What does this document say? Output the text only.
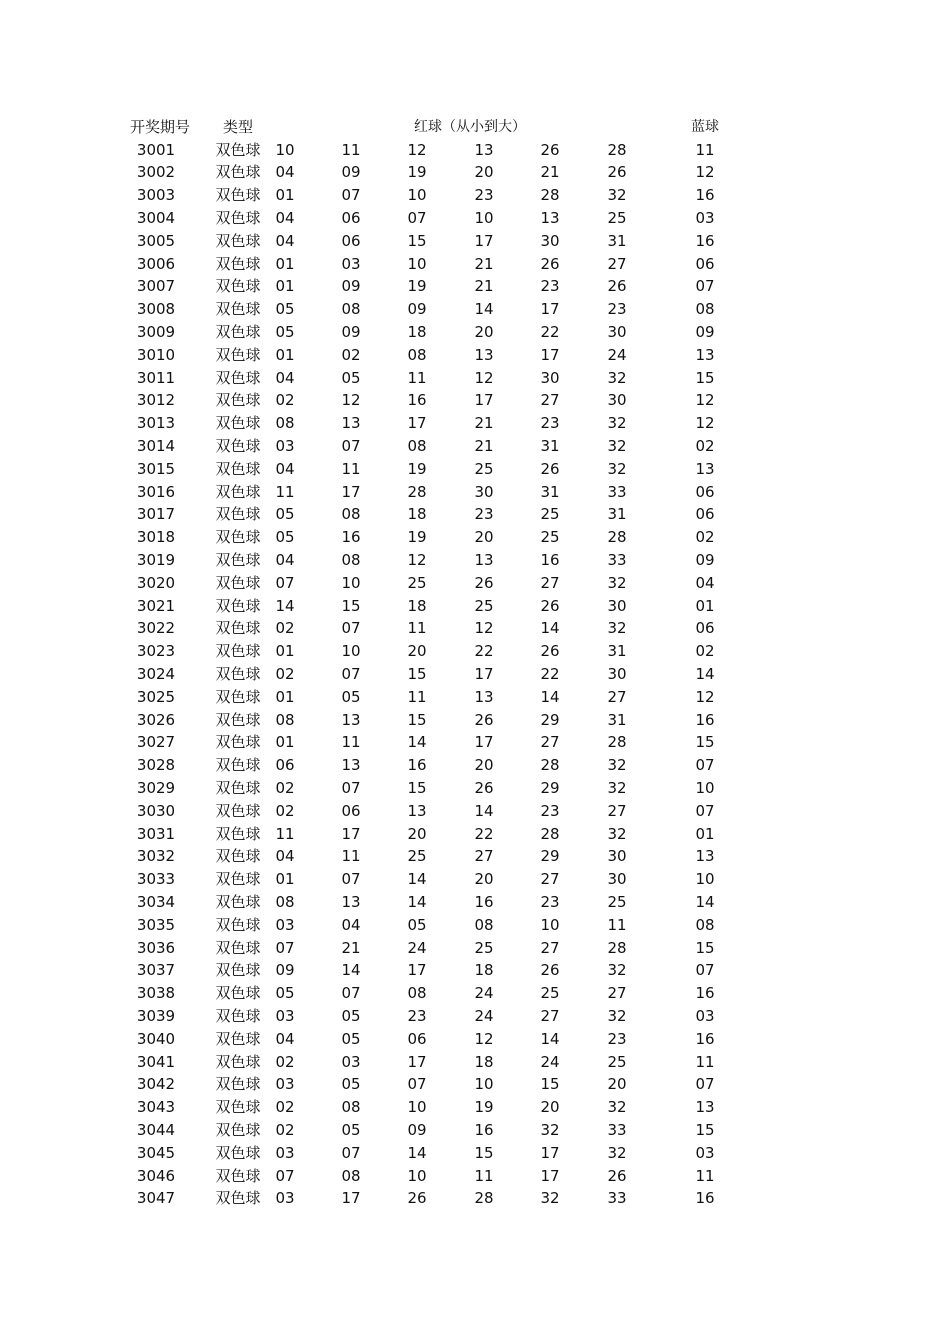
开奖期号	类型	红球（从小到大）	蓝球
3001	双色球 10	11	12	13	26	28	11
3002	双色球 04	09	19	20	21	26	12
3003	双色球 01	07	10	23	28	32	16
3004	双色球 04	06	07	10	13	25	03
3005	双色球 04	06	15	17	30	31	16
3006	双色球 01	03	10	21	26	27	06
3007	双色球 01	09	19	21	23	26	07
3008	双色球 05	08	09	14	17	23	08
3009	双色球 05	09	18	20	22	30	09
3010	双色球 01	02	08	13	17	24	13
3011	双色球 04	05	11	12	30	32	15
3012	双色球 02	12	16	17	27	30	12
3013	双色球 08	13	17	21	23	32	12
3014	双色球 03	07	08	21	31	32	02
3015	双色球 04	11	19	25	26	32	13
3016	双色球 11	17	28	30	31	33	06
3017	双色球 05	08	18	23	25	31	06
3018	双色球 05	16	19	20	25	28	02
3019	双色球 04	08	12	13	16	33	09
3020	双色球 07	10	25	26	27	32	04
3021	双色球 14	15	18	25	26	30	01
3022	双色球 02	07	11	12	14	32	06
3023	双色球 01	10	20	22	26	31	02
3024	双色球 02	07	15	17	22	30	14
3025	双色球 01	05	11	13	14	27	12
3026	双色球 08	13	15	26	29	31	16
3027	双色球 01	11	14	17	27	28	15
3028	双色球 06	13	16	20	28	32	07
3029	双色球 02	07	15	26	29	32	10
3030	双色球 02	06	13	14	23	27	07
3031	双色球 11	17	20	22	28	32	01
3032	双色球 04	11	25	27	29	30	13
3033	双色球 01	07	14	20	27	30	10
3034	双色球 08	13	14	16	23	25	14
3035	双色球 03	04	05	08	10	11	08
3036	双色球 07	21	24	25	27	28	15
3037	双色球 09	14	17	18	26	32	07
3038	双色球 05	07	08	24	25	27	16
3039	双色球 03	05	23	24	27	32	03
3040	双色球 04	05	06	12	14	23	16
3041	双色球 02	03	17	18	24	25	11
3042	双色球 03	05	07	10	15	20	07
3043	双色球 02	08	10	19	20	32	13
3044	双色球 02	05	09	16	32	33	15
3045	双色球 03	07	14	15	17	32	03
3046	双色球 07	08	10	11	17	26	11
3047	双色球 03	17	26	28	32	33	16
